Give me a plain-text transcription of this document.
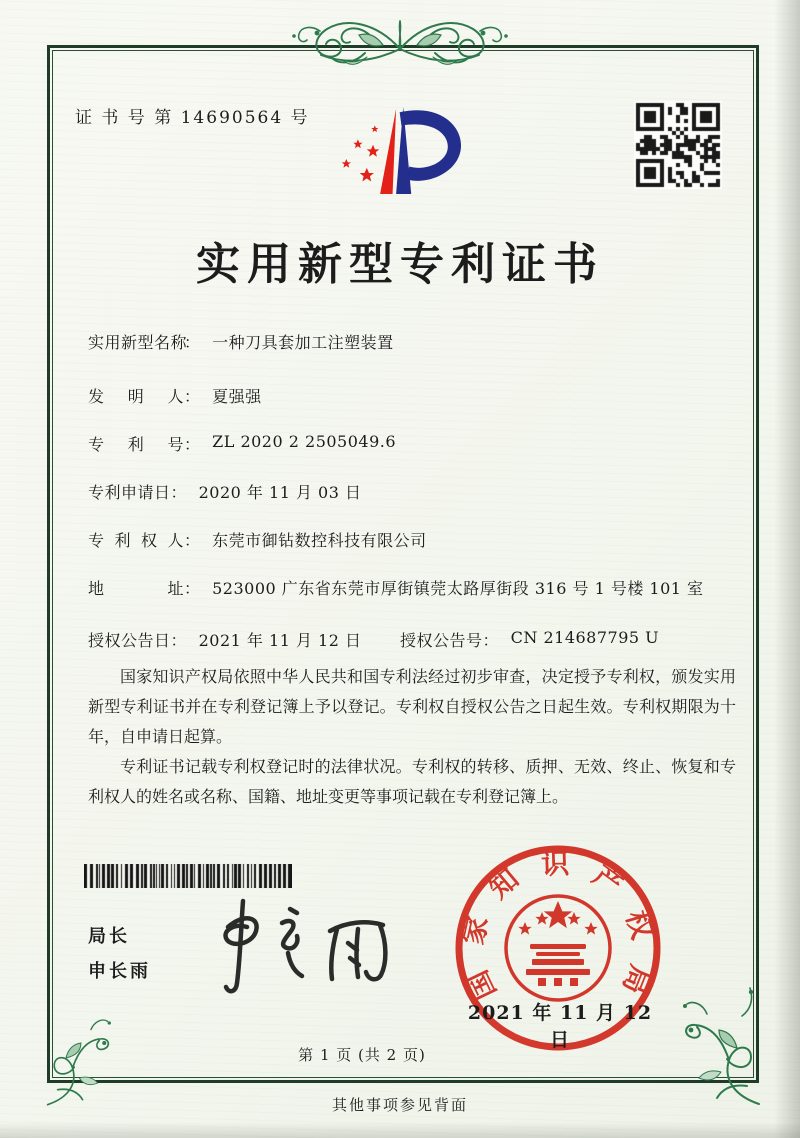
证 书 号 第 14690564 号
实用新型专利证书
实用新型名称： 一种刀具套加工注塑装置
发明人： 夏强强
专利号： ZL 2020 2 2505049.6
专利申请日： 2020 年 11 月 03 日
专利权人： 东莞市御钻数控科技有限公司
地址： 523000 广东省东莞市厚街镇莞太路厚街段 316 号 1 号楼 101 室
授权公告日： 2021 年 11 月 12 日 授权公告号： CN 214687795 U

国家知识产权局依照中华人民共和国专利法经过初步审查，决定授予专利权，颁发实用新型专利证书并在专利登记簿上予以登记。专利权自授权公告之日起生效。专利权期限为十年，自申请日起算。

专利证书记载专利权登记时的法律状况。专利权的转移、质押、无效、终止、恢复和专利权人的姓名或名称、国籍、地址变更等事项记载在专利登记簿上。

局长
申长雨	国家知识产权局
2021 年 11 月 12 日
第 1 页 (共 2 页)
其他事项参见背面
